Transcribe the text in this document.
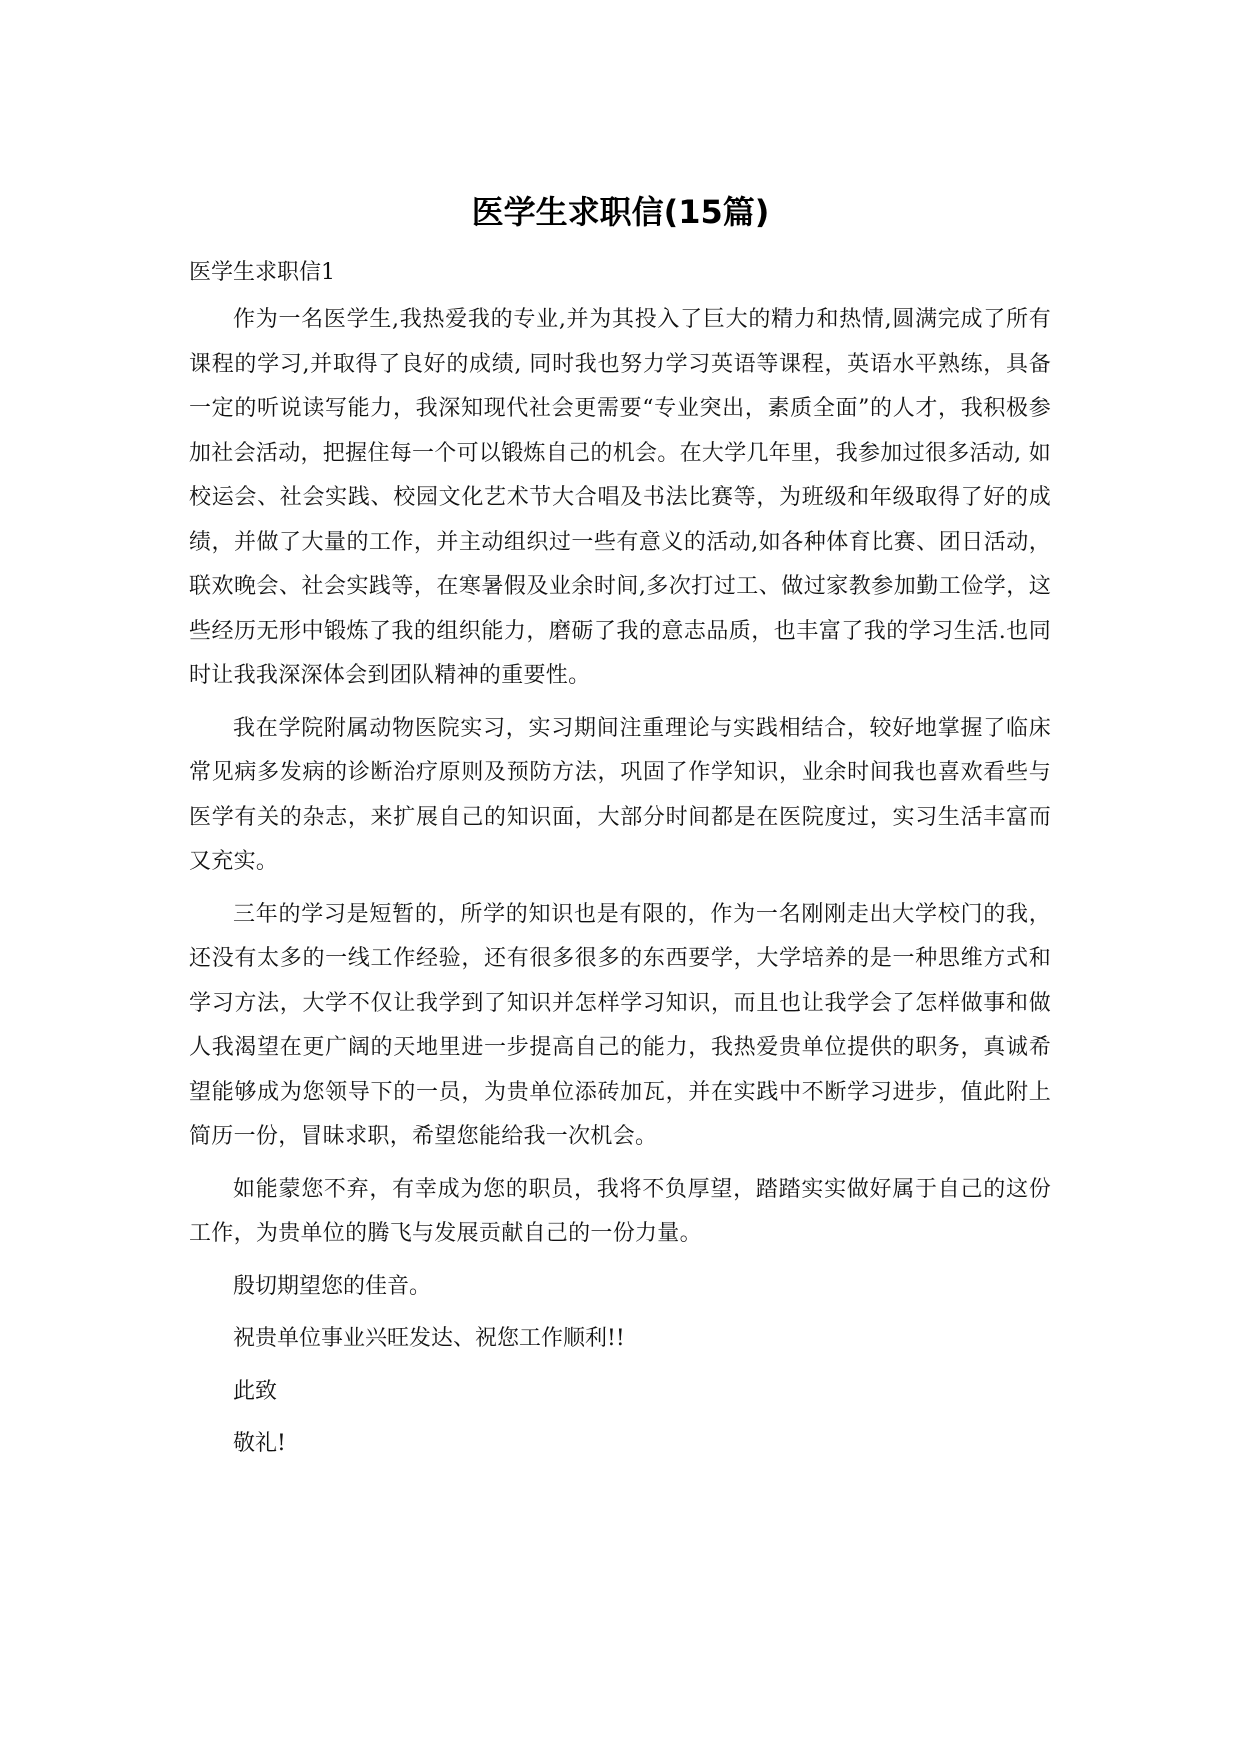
医学生求职信(15篇)
医学生求职信1

作为一名医学生,我热爱我的专业,并为其投入了巨大的精力和热情,圆满完成了所有课程的学习,并取得了良好的成绩, 同时我也努力学习英语等课程，英语水平熟练，具备一定的听说读写能力，我深知现代社会更需要“专业突出，素质全面”的人才，我积极参加社会活动，把握住每一个可以锻炼自己的机会。在大学几年里，我参加过很多活动, 如校运会、社会实践、校园文化艺术节大合唱及书法比赛等，为班级和年级取得了好的成绩，并做了大量的工作，并主动组织过一些有意义的活动,如各种体育比赛、团日活动，联欢晚会、社会实践等，在寒暑假及业余时间,多次打过工、做过家教参加勤工俭学，这些经历无形中锻炼了我的组织能力，磨砺了我的意志品质，也丰富了我的学习生活.也同时让我我深深体会到团队精神的重要性。

我在学院附属动物医院实习，实习期间注重理论与实践相结合，较好地掌握了临床常见病多发病的诊断治疗原则及预防方法，巩固了作学知识，业余时间我也喜欢看些与医学有关的杂志，来扩展自己的知识面，大部分时间都是在医院度过，实习生活丰富而又充实。

三年的学习是短暂的，所学的知识也是有限的，作为一名刚刚走出大学校门的我，还没有太多的一线工作经验，还有很多很多的东西要学，大学培养的是一种思维方式和学习方法，大学不仅让我学到了知识并怎样学习知识，而且也让我学会了怎样做事和做人我渴望在更广阔的天地里进一步提高自己的能力，我热爱贵单位提供的职务，真诚希望能够成为您领导下的一员，为贵单位添砖加瓦，并在实践中不断学习进步，值此附上简历一份，冒昧求职，希望您能给我一次机会。

如能蒙您不弃，有幸成为您的职员，我将不负厚望，踏踏实实做好属于自己的这份工作，为贵单位的腾飞与发展贡献自己的一份力量。

殷切期望您的佳音。
祝贵单位事业兴旺发达、祝您工作顺利!!
此致
敬礼!
